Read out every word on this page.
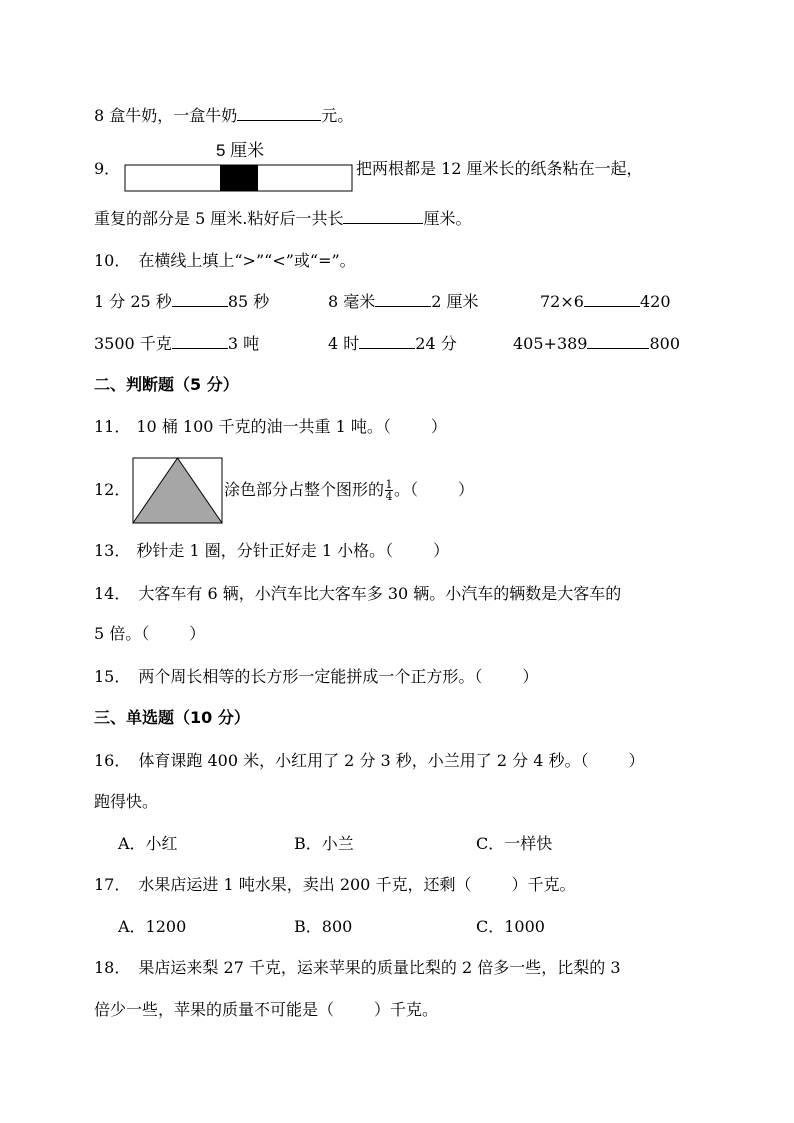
8 盒牛奶，一盒牛奶	元。
9．
5 厘米
把两根都是 12 厘米长的纸条粘在一起，
重复的部分是 5 厘米.粘好后一共长	厘米。
10． 在横线上填上“>”“<”或“=”。
1 分 25 秒	85 秒	8 毫米	2 厘米	72×6	420
3500 千克	3 吨	4 时	24 分	405+389	800
二、判断题（5 分）
11． 10 桶 100 千克的油一共重 1 吨。（	）
12．	涂色部分占整个图形的 $\frac{1}{4}$ 。（	）
13． 秒针走 1 圈，分针正好走 1 小格。（	）
14． 大客车有 6 辆，小汽车比大客车多 30 辆。小汽车的辆数是大客车的
5 倍。（	）
15． 两个周长相等的长方形一定能拼成一个正方形。（	）
三、单选题（10 分）
16． 体育课跑 400 米，小红用了 2 分 3 秒，小兰用了 2 分 4 秒。（	）
跑得快。
A．小红	B．小兰	C．一样快
17． 水果店运进 1 吨水果，卖出 200 千克，还剩（	）千克。
A．1200	B．800	C．1000
18． 果店运来梨 27 千克，运来苹果的质量比梨的 2 倍多一些，比梨的 3
倍少一些，苹果的质量不可能是（	）千克。
